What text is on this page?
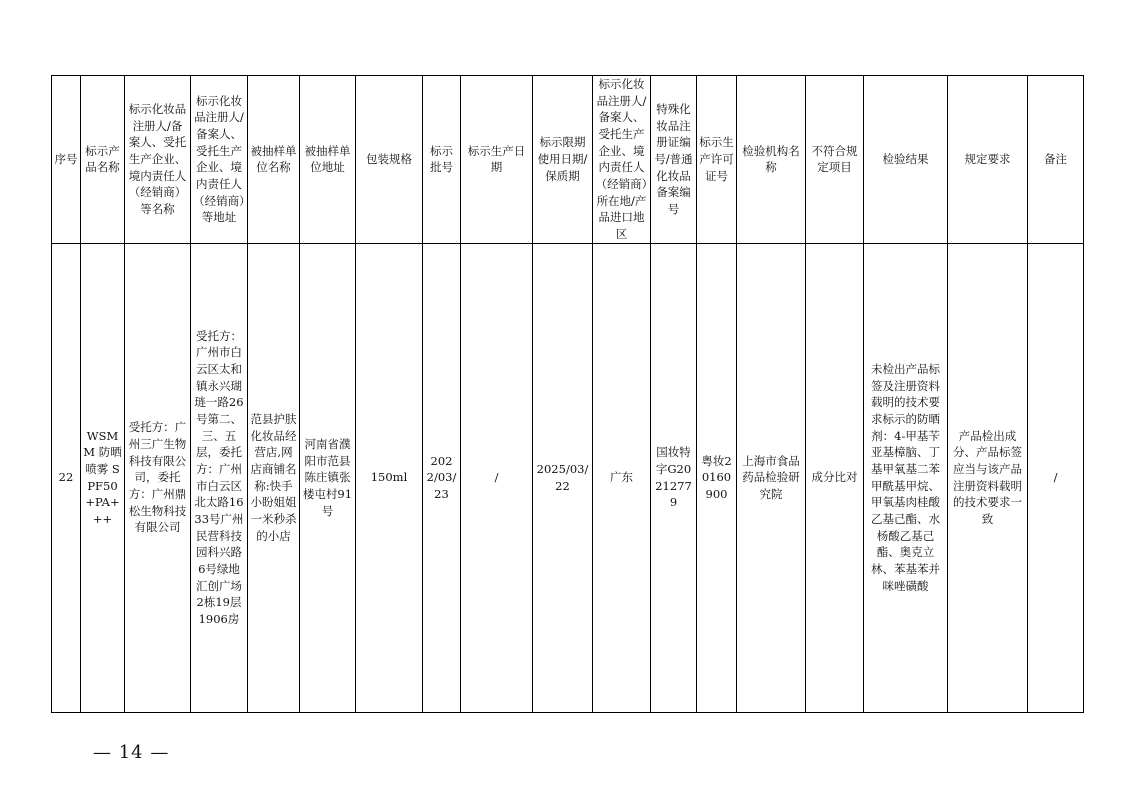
序号	标示产品名称	标示化妆品注册人/备案人、受托生产企业、境内责任人（经销商）等名称	标示化妆品注册人/备案人、受托生产企业、境内责任人（经销商）等地址	被抽样单位名称	被抽样单位地址	包装规格	标示批号	标示生产日期	标示限期使用日期/保质期	标示化妆品注册人/备案人、受托生产企业、境内责任人（经销商）所在地/产品进口地区	特殊化妆品注册证编号/普通化妆品备案编号	标示生产许可证号	检验机构名称	不符合规定项目	检验结果	规定要求	备注
22	WSMM 防晒喷雾 SPF50+PA+++	受托方：广州三广生物科技有限公司，委托方：广州鼎松生物科技有限公司	受托方：广州市白云区太和镇永兴瑚琏一路26号第二、三、五层，委托方：广州市白云区北太路1633号广州民营科技园科兴路6号绿地汇创广场2栋19层1906房	范县护肤化妆品经营店,网店商铺名称:快手小盼姐姐一米秒杀的小店	河南省濮阳市范县陈庄镇张楼屯村91号	150ml	2022/03/23	/	2025/03/22	广东	国妆特字G20212779	粤妆20160900	上海市食品药品检验研究院	成分比对	未检出产品标签及注册资料载明的技术要求标示的防晒剂：4-甲基苄亚基樟脑、丁基甲氧基二苯甲酰基甲烷、甲氧基肉桂酸乙基己酯、水杨酸乙基己酯、奥克立林、苯基苯并咪唑磺酸	产品检出成分、产品标签应当与该产品注册资料载明的技术要求一致	/
— 14 —
